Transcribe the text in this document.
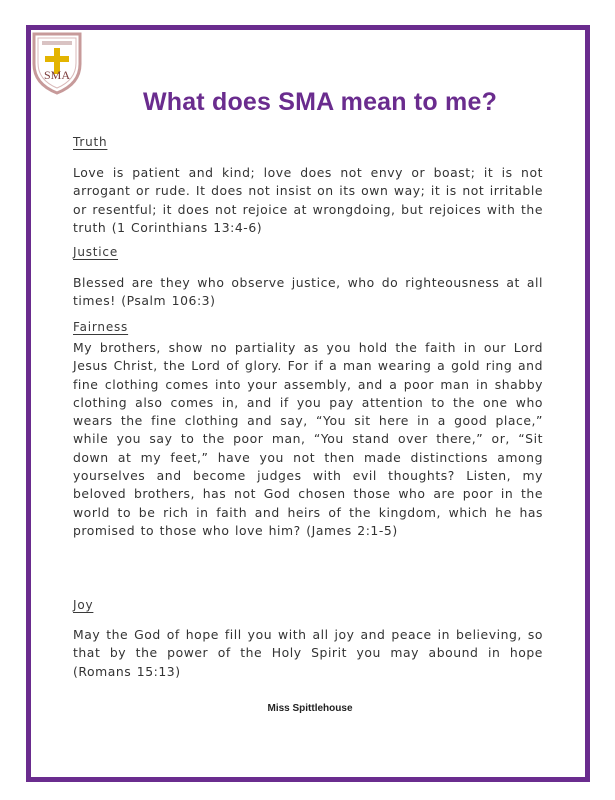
SMA
What does SMA mean to me?
Truth
Love is patient and kind; love does not envy or boast; it is not arrogant or rude. It does not insist on its own way; it is not irritable or resentful; it does not rejoice at wrongdoing, but rejoices with the truth (1 Corinthians 13:4-6)
Justice
Blessed are they who observe justice, who do righteousness at all times! (Psalm 106:3)
Fairness
My brothers, show no partiality as you hold the faith in our Lord Jesus Christ, the Lord of glory. For if a man wearing a gold ring and fine clothing comes into your assembly, and a poor man in shabby clothing also comes in, and if you pay attention to the one who wears the fine clothing and say, “You sit here in a good place,” while you say to the poor man, “You stand over there,” or, “Sit down at my feet,” have you not then made distinctions among yourselves and become judges with evil thoughts? Listen, my beloved brothers, has not God chosen those who are poor in the world to be rich in faith and heirs of the kingdom, which he has promised to those who love him? (James 2:1-5)
Joy
May the God of hope fill you with all joy and peace in believing, so that by the power of the Holy Spirit you may abound in hope (Romans 15:13)
Miss Spittlehouse
